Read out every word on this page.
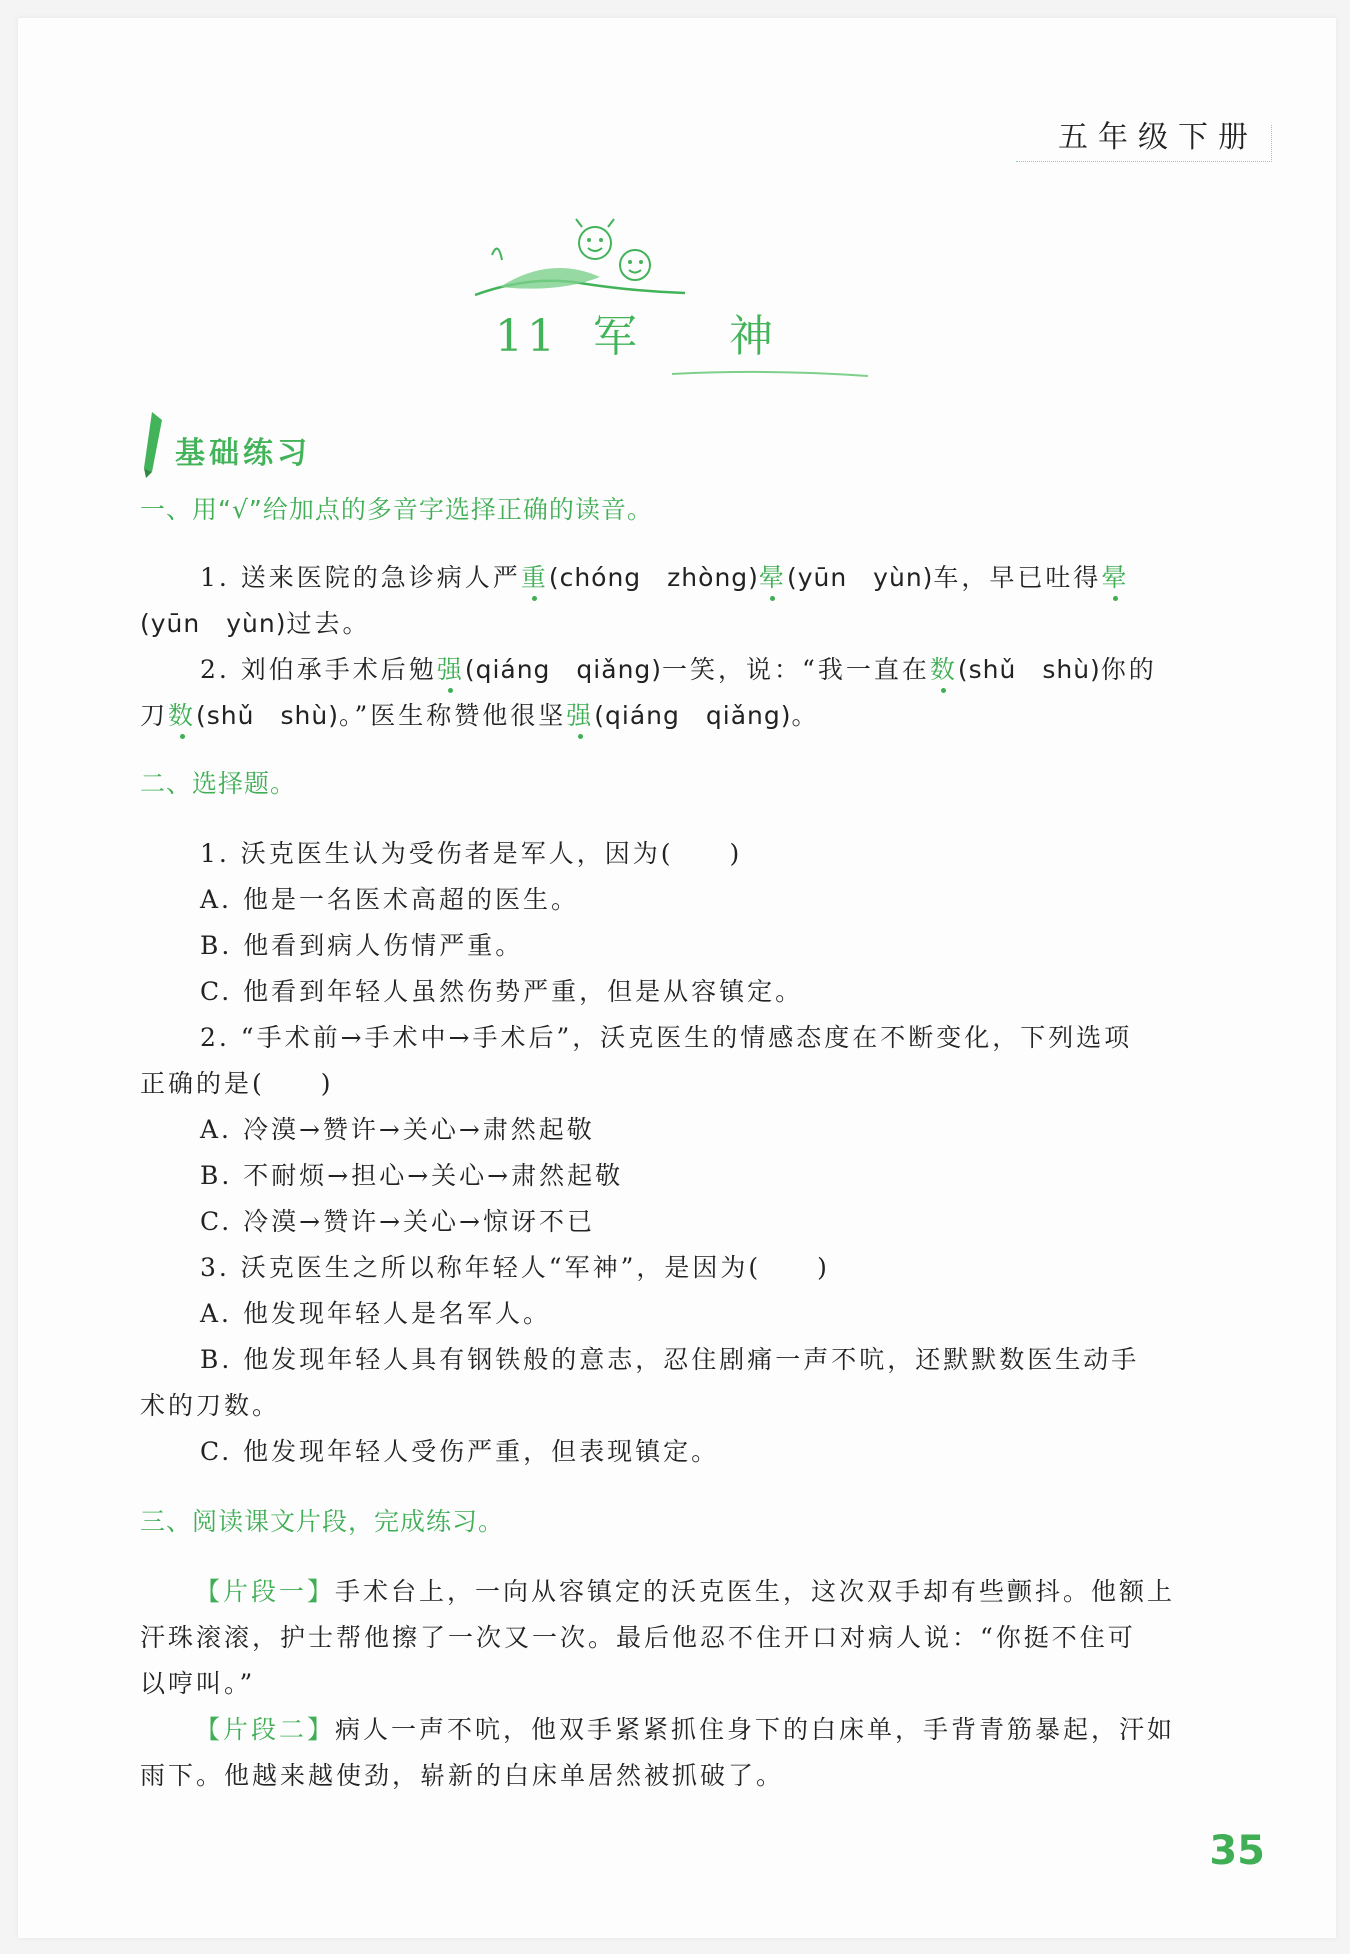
五年级下册
11 军 神
基础练习
一、用“√”给加点的多音字选择正确的读音。
1. 送来医院的急诊病人严重(chóng　zhòng)晕(yūn　yùn)车，早已吐得晕
(yūn　yùn)过去。
2. 刘伯承手术后勉强(qiáng　qiǎng)一笑，说：“我一直在数(shǔ　shù)你的
刀数(shǔ　shù)。”医生称赞他很坚强(qiáng　qiǎng)。
二、选择题。
1. 沃克医生认为受伤者是军人，因为(　　)
A. 他是一名医术高超的医生。
B. 他看到病人伤情严重。
C. 他看到年轻人虽然伤势严重，但是从容镇定。
2. “手术前→手术中→手术后”，沃克医生的情感态度在不断变化，下列选项
正确的是(　　)
A. 冷漠→赞许→关心→肃然起敬
B. 不耐烦→担心→关心→肃然起敬
C. 冷漠→赞许→关心→惊讶不已
3. 沃克医生之所以称年轻人“军神”，是因为(　　)
A. 他发现年轻人是名军人。
B. 他发现年轻人具有钢铁般的意志，忍住剧痛一声不吭，还默默数医生动手
术的刀数。
C. 他发现年轻人受伤严重，但表现镇定。
三、阅读课文片段，完成练习。
【片段一】手术台上，一向从容镇定的沃克医生，这次双手却有些颤抖。他额上
汗珠滚滚，护士帮他擦了一次又一次。最后他忍不住开口对病人说：“你挺不住可
以哼叫。”
【片段二】病人一声不吭，他双手紧紧抓住身下的白床单，手背青筋暴起，汗如
雨下。他越来越使劲，崭新的白床单居然被抓破了。
35
